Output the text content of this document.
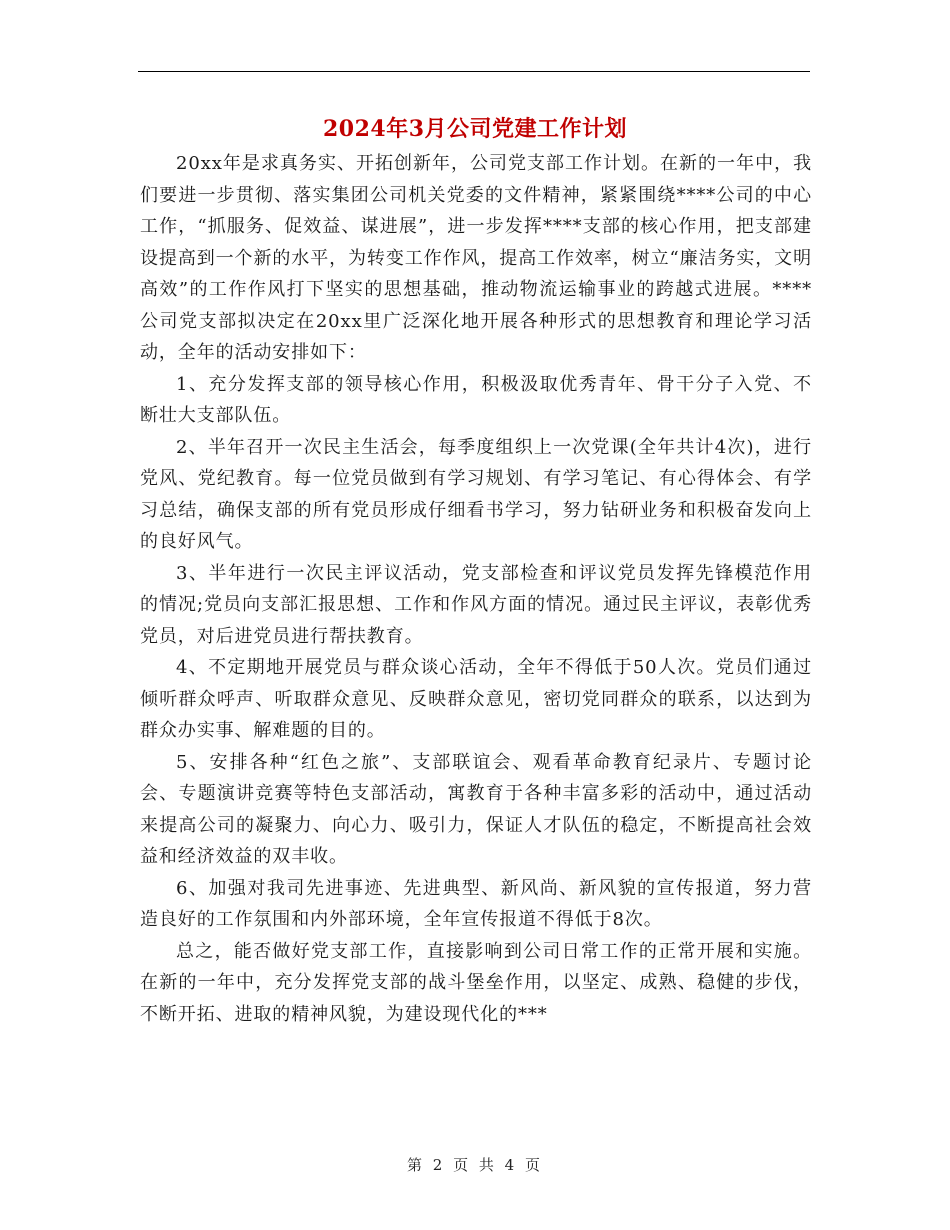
2024年3月公司党建工作计划

20xx年是求真务实、开拓创新年，公司党支部工作计划。在新的一年中，我们要进一步贯彻、落实集团公司机关党委的文件精神，紧紧围绕****公司的中心工作，“抓服务、促效益、谋进展”，进一步发挥****支部的核心作用，把支部建设提高到一个新的水平，为转变工作作风，提高工作效率，树立“廉洁务实，文明高效”的工作作风打下坚实的思想基础，推动物流运输事业的跨越式进展。****公司党支部拟决定在20xx里广泛深化地开展各种形式的思想教育和理论学习活动，全年的活动安排如下：

1、充分发挥支部的领导核心作用，积极汲取优秀青年、骨干分子入党、不断壮大支部队伍。

2、半年召开一次民主生活会，每季度组织上一次党课(全年共计4次)，进行党风、党纪教育。每一位党员做到有学习规划、有学习笔记、有心得体会、有学习总结，确保支部的所有党员形成仔细看书学习，努力钻研业务和积极奋发向上的良好风气。

3、半年进行一次民主评议活动，党支部检查和评议党员发挥先锋模范作用的情况;党员向支部汇报思想、工作和作风方面的情况。通过民主评议，表彰优秀党员，对后进党员进行帮扶教育。

4、不定期地开展党员与群众谈心活动，全年不得低于50人次。党员们通过倾听群众呼声、听取群众意见、反映群众意见，密切党同群众的联系，以达到为群众办实事、解难题的目的。

5、安排各种“红色之旅”、支部联谊会、观看革命教育纪录片、专题讨论会、专题演讲竞赛等特色支部活动，寓教育于各种丰富多彩的活动中，通过活动来提高公司的凝聚力、向心力、吸引力，保证人才队伍的稳定，不断提高社会效益和经济效益的双丰收。

6、加强对我司先进事迹、先进典型、新风尚、新风貌的宣传报道，努力营造良好的工作氛围和内外部环境，全年宣传报道不得低于8次。

总之，能否做好党支部工作，直接影响到公司日常工作的正常开展和实施。在新的一年中，充分发挥党支部的战斗堡垒作用，以坚定、成熟、稳健的步伐，不断开拓、进取的精神风貌，为建设现代化的***

第 2 页 共 4 页
